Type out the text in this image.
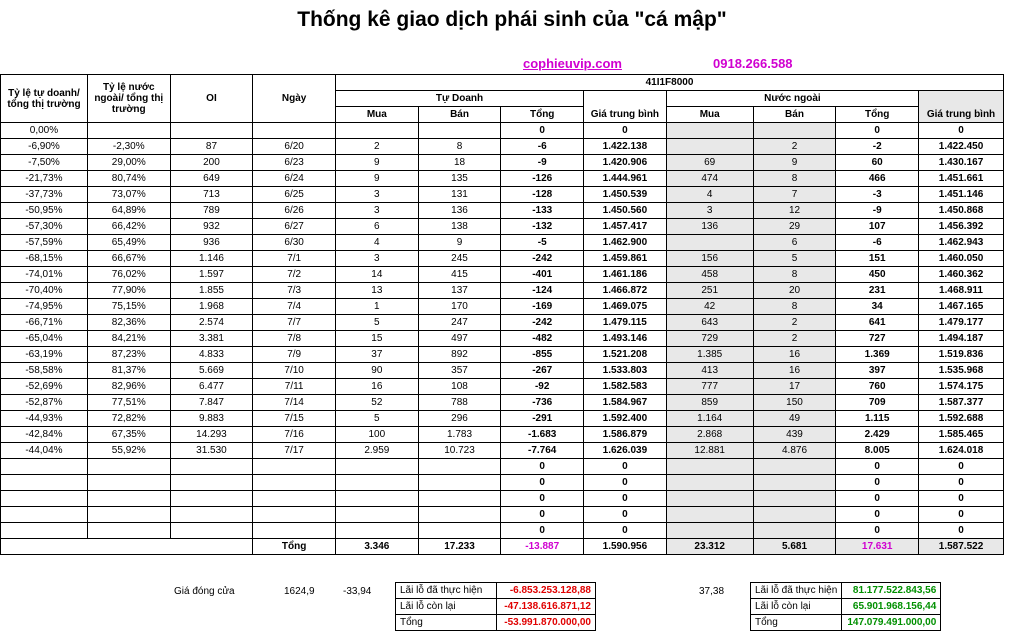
Thống kê giao dịch phái sinh của "cá mập"
cophieuvip.com	0918.266.588
Tỷ lệ tự doanh/ tổng thị trường	Tỷ lệ nước ngoài/ tổng thị trường	OI	Ngày	41I1F8000							
				Tự Doanh				Nước ngoài			
				Mua	Bán	Tổng	Giá trung bình	Mua	Bán	Tổng	Giá trung bình
0,00%						0	0			0	0
-6,90%	-2,30%	87	6/20	2	8	-6	1.422.138		2	-2	1.422.450
-7,50%	29,00%	200	6/23	9	18	-9	1.420.906	69	9	60	1.430.167
-21,73%	80,74%	649	6/24	9	135	-126	1.444.961	474	8	466	1.451.661
-37,73%	73,07%	713	6/25	3	131	-128	1.450.539	4	7	-3	1.451.146
-50,95%	64,89%	789	6/26	3	136	-133	1.450.560	3	12	-9	1.450.868
-57,30%	66,42%	932	6/27	6	138	-132	1.457.417	136	29	107	1.456.392
-57,59%	65,49%	936	6/30	4	9	-5	1.462.900		6	-6	1.462.943
-68,15%	66,67%	1.146	7/1	3	245	-242	1.459.861	156	5	151	1.460.050
-74,01%	76,02%	1.597	7/2	14	415	-401	1.461.186	458	8	450	1.460.362
-70,40%	77,90%	1.855	7/3	13	137	-124	1.466.872	251	20	231	1.468.911
-74,95%	75,15%	1.968	7/4	1	170	-169	1.469.075	42	8	34	1.467.165
-66,71%	82,36%	2.574	7/7	5	247	-242	1.479.115	643	2	641	1.479.177
-65,04%	84,21%	3.381	7/8	15	497	-482	1.493.146	729	2	727	1.494.187
-63,19%	87,23%	4.833	7/9	37	892	-855	1.521.208	1.385	16	1.369	1.519.836
-58,58%	81,37%	5.669	7/10	90	357	-267	1.533.803	413	16	397	1.535.968
-52,69%	82,96%	6.477	7/11	16	108	-92	1.582.583	777	17	760	1.574.175
-52,87%	77,51%	7.847	7/14	52	788	-736	1.584.967	859	150	709	1.587.377
-44,93%	72,82%	9.883	7/15	5	296	-291	1.592.400	1.164	49	1.115	1.592.688
-42,84%	67,35%	14.293	7/16	100	1.783	-1.683	1.586.879	2.868	439	2.429	1.585.465
-44,04%	55,92%	31.530	7/17	2.959	10.723	-7.764	1.626.039	12.881	4.876	8.005	1.624.018
						0	0			0	0
						0	0			0	0
						0	0			0	0
						0	0			0	0
						0	0			0	0
			Tổng	3.346	17.233	-13.887	1.590.956	23.312	5.681	17.631	1.587.522
Giá đóng cửa	1624,9	-33,94	37,38
Lãi lỗ đã thực hiện	-6.853.253.128,88
Lãi lỗ còn lại	-47.138.616.871,12
Tổng	-53.991.870.000,00
Lãi lỗ đã thực hiện	81.177.522.843,56
Lãi lỗ còn lại	65.901.968.156,44
Tổng	147.079.491.000,00
